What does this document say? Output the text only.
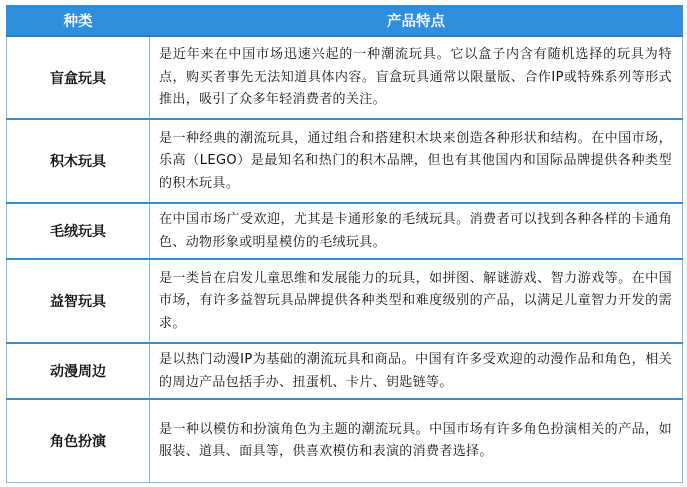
种类	产品特点
盲盒玩具	是近年来在中国市场迅速兴起的一种潮流玩具。它以盒子内含有随机选择的玩具为特点，购买者事先无法知道具体内容。盲盒玩具通常以限量版、合作IP或特殊系列等形式推出，吸引了众多年轻消费者的关注。
积木玩具	是一种经典的潮流玩具，通过组合和搭建积木块来创造各种形状和结构。在中国市场，乐高（LEGO）是最知名和热门的积木品牌，但也有其他国内和国际品牌提供各种类型的积木玩具。
毛绒玩具	在中国市场广受欢迎，尤其是卡通形象的毛绒玩具。消费者可以找到各种各样的卡通角色、动物形象或明星模仿的毛绒玩具。
益智玩具	是一类旨在启发儿童思维和发展能力的玩具，如拼图、解谜游戏、智力游戏等。在中国市场，有许多益智玩具品牌提供各种类型和难度级别的产品，以满足儿童智力开发的需求。
动漫周边	是以热门动漫IP为基础的潮流玩具和商品。中国有许多受欢迎的动漫作品和角色，相关的周边产品包括手办、扭蛋机、卡片、钥匙链等。
角色扮演	是一种以模仿和扮演角色为主题的潮流玩具。中国市场有许多角色扮演相关的产品，如服装、道具、面具等，供喜欢模仿和表演的消费者选择。
